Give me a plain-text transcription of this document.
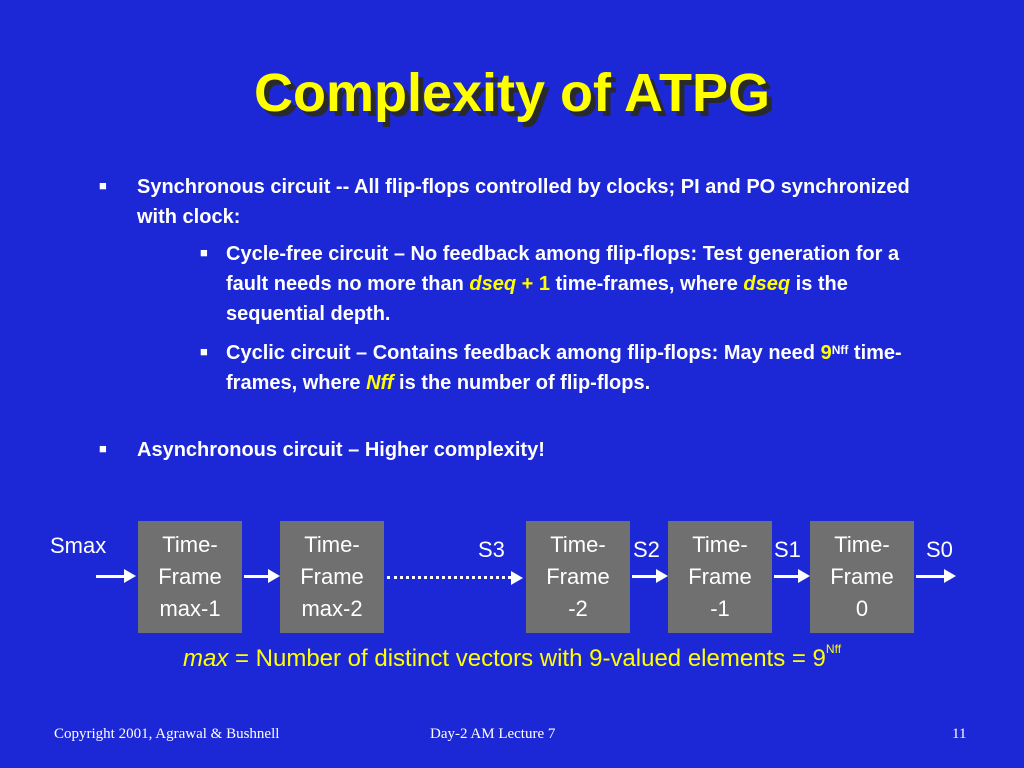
Complexity of ATPG
■ Synchronous circuit -- All flip-flops controlled by clocks; PI and PO synchronized with clock:
■ Cycle-free circuit – No feedback among flip-flops: Test generation for a fault needs no more than dseq + 1 time-frames, where dseq is the sequential depth.
■ Cyclic circuit – Contains feedback among flip-flops: May need $9^{Nff}$ time-frames, where Nff is the number of flip-flops.
■ Asynchronous circuit – Higher complexity!
Smax	Time-
Frame
max-1
Time-
Frame
max-2
S3	Time-
Frame
-2
S2	Time-
Frame
-1
S1	Time-
Frame
0
S0
max = Number of distinct vectors with 9-valued elements = $9^{Nff}$
Copyright 2001, Agrawal & Bushnell	Day-2 AM Lecture 7	11
